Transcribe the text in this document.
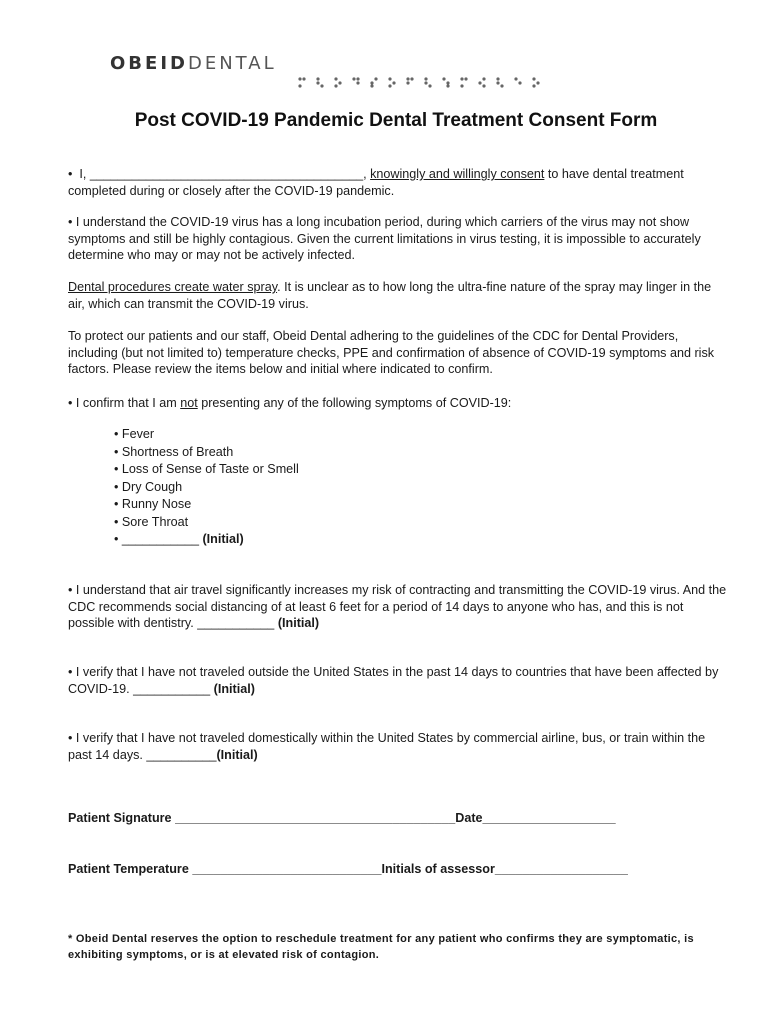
OBEIDDENTAL
Post COVID-19 Pandemic Dental Treatment Consent Form

• I, _______________________________________, knowingly and willingly consent to have dental treatment completed during or closely after the COVID-19 pandemic.

• I understand the COVID-19 virus has a long incubation period, during which carriers of the virus may not show symptoms and still be highly contagious. Given the current limitations in virus testing, it is impossible to accurately determine who may or may not be actively infected.

Dental procedures create water spray. It is unclear as to how long the ultra-fine nature of the spray may linger in the air, which can transmit the COVID-19 virus.

To protect our patients and our staff, Obeid Dental adhering to the guidelines of the CDC for Dental Providers, including (but not limited to) temperature checks, PPE and confirmation of absence of COVID-19 symptoms and risk factors. Please review the items below and initial where indicated to confirm.

• I confirm that I am not presenting any of the following symptoms of COVID-19:

• Fever
• Shortness of Breath
• Loss of Sense of Taste or Smell
• Dry Cough
• Runny Nose
• Sore Throat
• ___________ (Initial)

• I understand that air travel significantly increases my risk of contracting and transmitting the COVID-19 virus. And the CDC recommends social distancing of at least 6 feet for a period of 14 days to anyone who has, and this is not possible with dentistry. ___________ (Initial)

• I verify that I have not traveled outside the United States in the past 14 days to countries that have been affected by COVID-19. ___________ (Initial)

• I verify that I have not traveled domestically within the United States by commercial airline, bus, or train within the past 14 days. __________(Initial)

Patient Signature ________________________________________Date___________________
Patient Temperature ___________________________Initials of assessor___________________
* Obeid Dental reserves the option to reschedule treatment for any patient who confirms they are symptomatic, is exhibiting symptoms, or is at elevated risk of contagion.
